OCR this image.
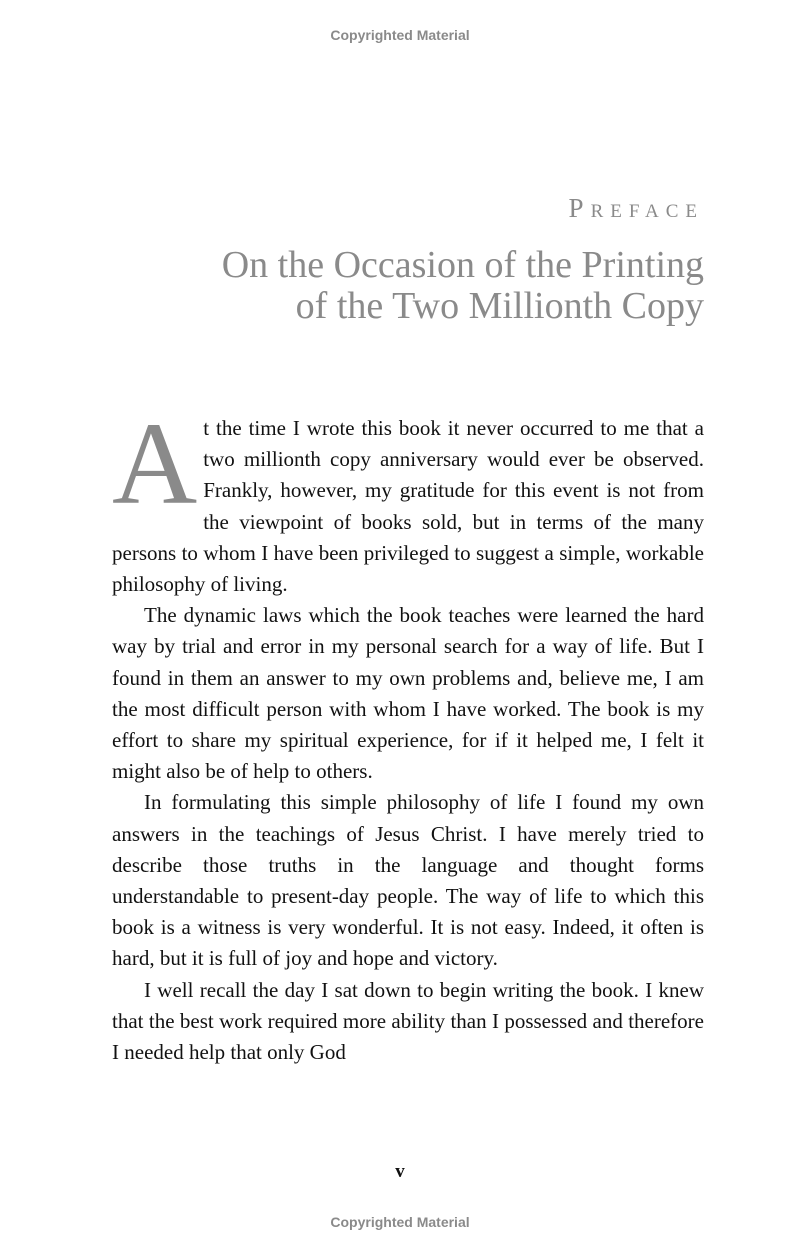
Copyrighted Material
Preface
On the Occasion of the Printing
of the Two Millionth Copy

At the time I wrote this book it never occurred to me that a two millionth copy anniversary would ever be observed. Frankly, however, my gratitude for this event is not from the viewpoint of books sold, but in terms of the many persons to whom I have been privileged to suggest a simple, workable philosophy of living.

The dynamic laws which the book teaches were learned the hard way by trial and error in my personal search for a way of life. But I found in them an answer to my own problems and, believe me, I am the most difficult person with whom I have worked. The book is my effort to share my spiritual experience, for if it helped me, I felt it might also be of help to others.

In formulating this simple philosophy of life I found my own answers in the teachings of Jesus Christ. I have merely tried to describe those truths in the language and thought forms understandable to present-day people. The way of life to which this book is a witness is very wonderful. It is not easy. Indeed, it often is hard, but it is full of joy and hope and victory.

I well recall the day I sat down to begin writing the book. I knew that the best work required more ability than I possessed and therefore I needed help that only God

v
Copyrighted Material
